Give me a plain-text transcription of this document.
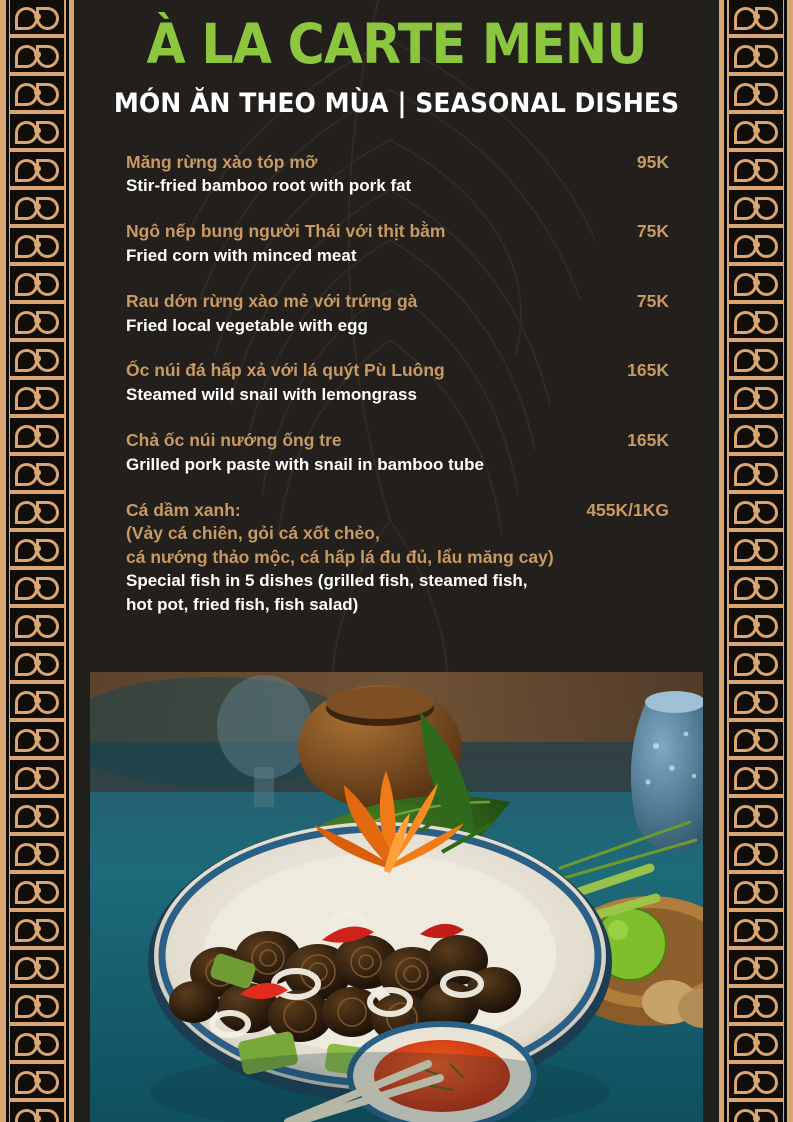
À LA CARTE MENU
MÓN ĂN THEO MÙA | SEASONAL DISHES
Măng rừng xào tóp mỡ	95K
Stir-fried bamboo root with pork fat
Ngô nếp bung người Thái với thịt bằm	75K
Fried corn with minced meat
Rau dớn rừng xào mẻ với trứng gà	75K
Fried local vegetable with egg
Ốc núi đá hấp xả với lá quýt Pù Luông	165K
Steamed wild snail with lemongrass
Chả ốc núi nướng ống tre	165K
Grilled pork paste with snail in bamboo tube
Cá dầm xanh:	455K/1KG
(Vảy cá chiên, gỏi cá xốt chẻo,
cá nướng thảo mộc, cá hấp lá đu đủ, lẩu măng cay)
Special fish in 5 dishes (grilled fish, steamed fish,
hot pot, fried fish, fish salad)
